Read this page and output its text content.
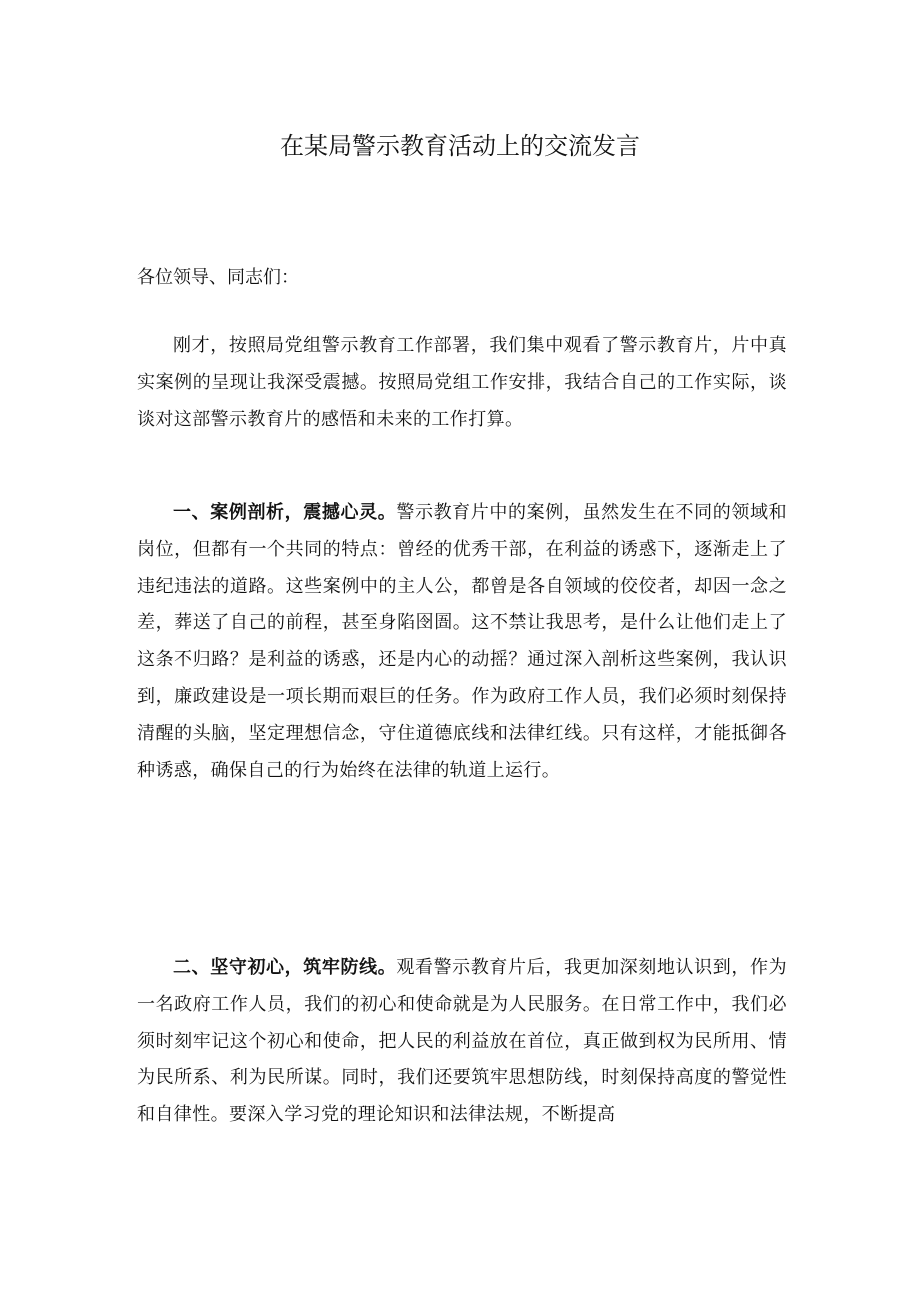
在某局警示教育活动上的交流发言
各位领导、同志们：

刚才，按照局党组警示教育工作部署，我们集中观看了警示教育片，片中真实案例的呈现让我深受震撼。按照局党组工作安排，我结合自己的工作实际，谈谈对这部警示教育片的感悟和未来的工作打算。

一、案例剖析，震撼心灵。警示教育片中的案例，虽然发生在不同的领域和岗位，但都有一个共同的特点：曾经的优秀干部，在利益的诱惑下，逐渐走上了违纪违法的道路。这些案例中的主人公，都曾是各自领域的佼佼者，却因一念之差，葬送了自己的前程，甚至身陷囹圄。这不禁让我思考，是什么让他们走上了这条不归路？是利益的诱惑，还是内心的动摇？通过深入剖析这些案例，我认识到，廉政建设是一项长期而艰巨的任务。作为政府工作人员，我们必须时刻保持清醒的头脑，坚定理想信念，守住道德底线和法律红线。只有这样，才能抵御各种诱惑，确保自己的行为始终在法律的轨道上运行。

二、坚守初心，筑牢防线。观看警示教育片后，我更加深刻地认识到，作为一名政府工作人员，我们的初心和使命就是为人民服务。在日常工作中，我们必须时刻牢记这个初心和使命，把人民的利益放在首位，真正做到权为民所用、情为民所系、利为民所谋。同时，我们还要筑牢思想防线，时刻保持高度的警觉性和自律性。要深入学习党的理论知识和法律法规，不断提高
